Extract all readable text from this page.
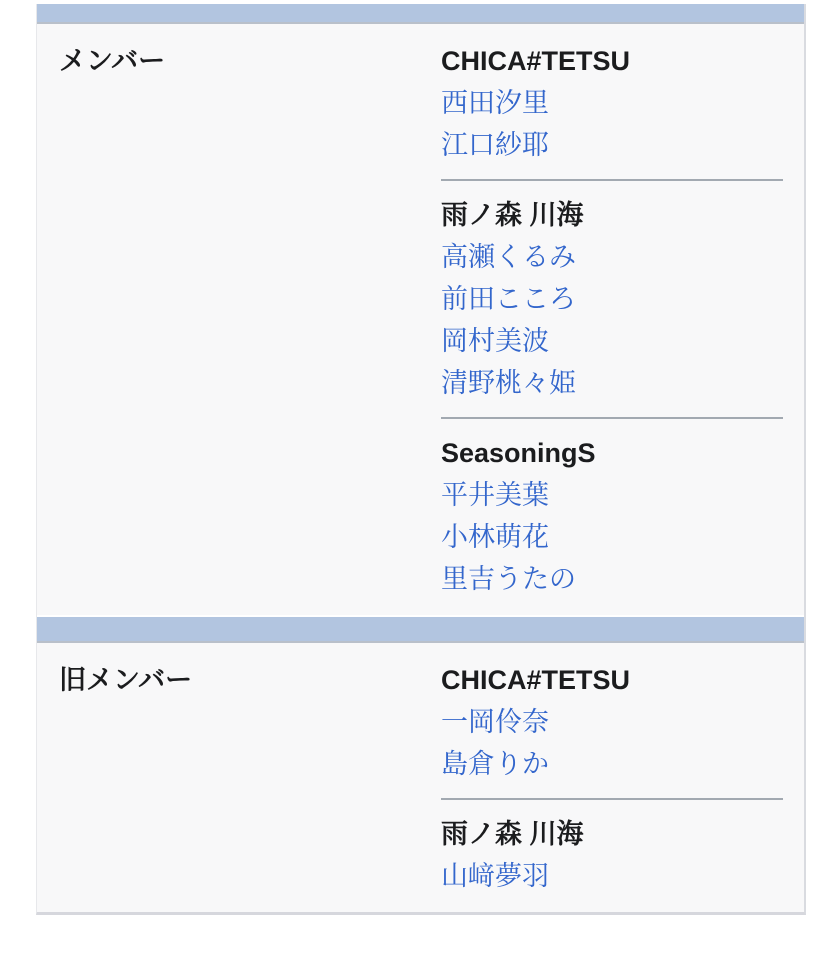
メンバー	CHICA#TETSU
西田汐里
江口紗耶
雨ノ森 川海
高瀬くるみ
前田こころ
岡村美波
清野桃々姫
SeasoningS
平井美葉
小林萌花
里吉うたの
旧メンバー	CHICA#TETSU
一岡伶奈
島倉りか
雨ノ森 川海
山﨑夢羽
